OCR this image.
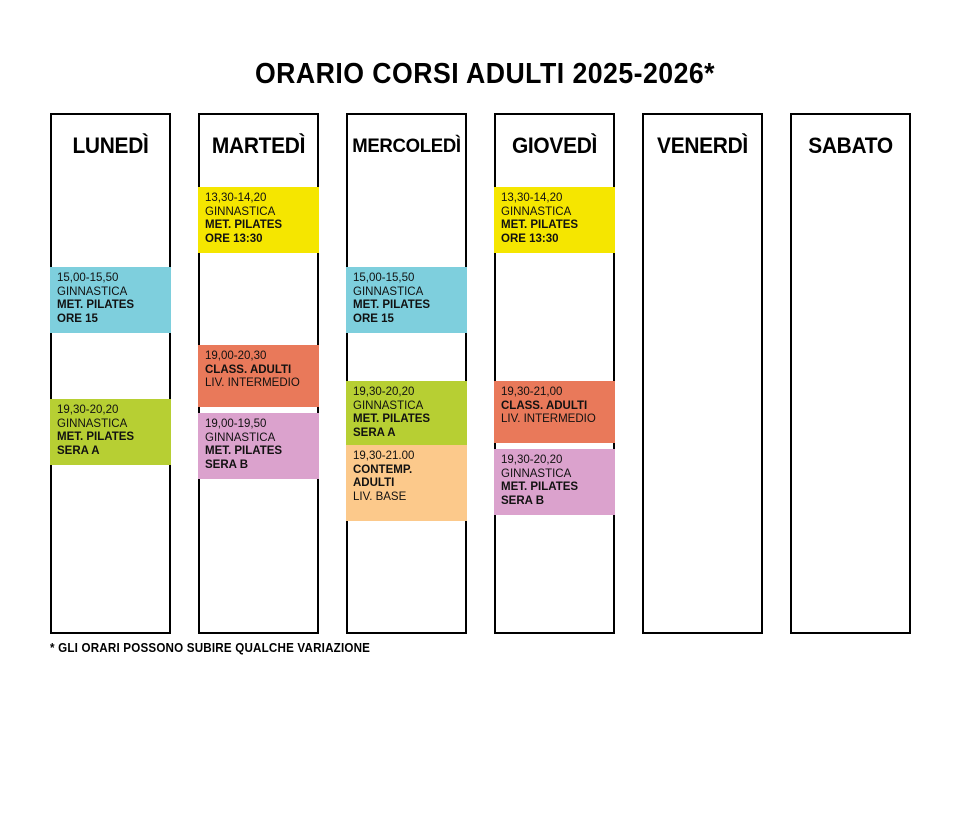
ORARIO CORSI ADULTI 2025-2026*
LUNEDÌ
15,00-15,50
GINNASTICA
MET. PILATES
ORE 15
19,30-20,20
GINNASTICA
MET. PILATES
SERA A
MARTEDÌ
13,30-14,20
GINNASTICA
MET. PILATES
ORE 13:30
19,00-20,30
CLASS. ADULTI
LIV. INTERMEDIO
19,00-19,50
GINNASTICA
MET. PILATES
SERA B
MERCOLEDÌ
15,00-15,50
GINNASTICA
MET. PILATES
ORE 15
19,30-20,20
GINNASTICA
MET. PILATES
SERA A
19,30-21.00
CONTEMP.
ADULTI
LIV. BASE
GIOVEDÌ
13,30-14,20
GINNASTICA
MET. PILATES
ORE 13:30
19,30-21,00
CLASS. ADULTI
LIV. INTERMEDIO
19,30-20,20
GINNASTICA
MET. PILATES
SERA B
VENERDÌ	SABATO
* GLI ORARI POSSONO SUBIRE QUALCHE VARIAZIONE
